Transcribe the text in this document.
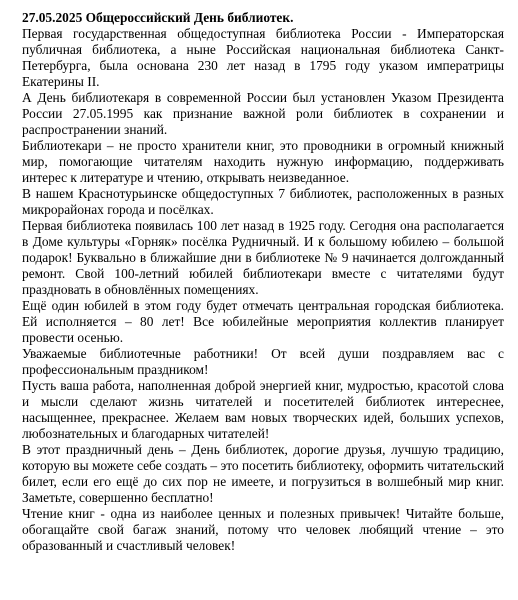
27.05.2025 Общероссийский День библиотек.

Первая государственная общедоступная библиотека России - Императорская публичная библиотека, а ныне Российская национальная библиотека Санкт-Петербурга, была основана 230 лет назад в 1795 году указом императрицы Екатерины II.

А День библиотекаря в современной России был установлен Указом Президента России 27.05.1995 как признание важной роли библиотек в сохранении и распространении знаний.

Библиотекари – не просто хранители книг, это проводники в огромный книжный мир, помогающие читателям находить нужную информацию, поддерживать интерес к литературе и чтению, открывать неизведанное.

В нашем Краснотурьинске общедоступных 7 библиотек, расположенных в разных микрорайонах города и посёлках.

Первая библиотека появилась 100 лет назад в 1925 году. Сегодня она располагается в Доме культуры «Горняк» посёлка Рудничный. И к большому юбилею – большой подарок! Буквально в ближайшие дни в библиотеке № 9 начинается долгожданный ремонт. Свой 100-летний юбилей библиотекари вместе с читателями будут праздновать в обновлённых помещениях.

Ещё один юбилей в этом году будет отмечать центральная городская библиотека. Ей исполняется – 80 лет! Все юбилейные мероприятия коллектив планирует провести осенью.

Уважаемые библиотечные работники! От всей души поздравляем вас с профессиональным праздником!

Пусть ваша работа, наполненная доброй энергией книг, мудростью, красотой слова и мысли сделают жизнь читателей и посетителей библиотек интереснее, насыщеннее, прекраснее. Желаем вам новых творческих идей, больших успехов, любознательных и благодарных читателей!

В этот праздничный день – День библиотек, дорогие друзья, лучшую традицию, которую вы можете себе создать – это посетить библиотеку, оформить читательский билет, если его ещё до сих пор не имеете, и погрузиться в волшебный мир книг. Заметьте, совершенно бесплатно!

Чтение книг - одна из наиболее ценных и полезных привычек! Читайте больше, обогащайте свой багаж знаний, потому что человек любящий чтение – это образованный и счастливый человек!
